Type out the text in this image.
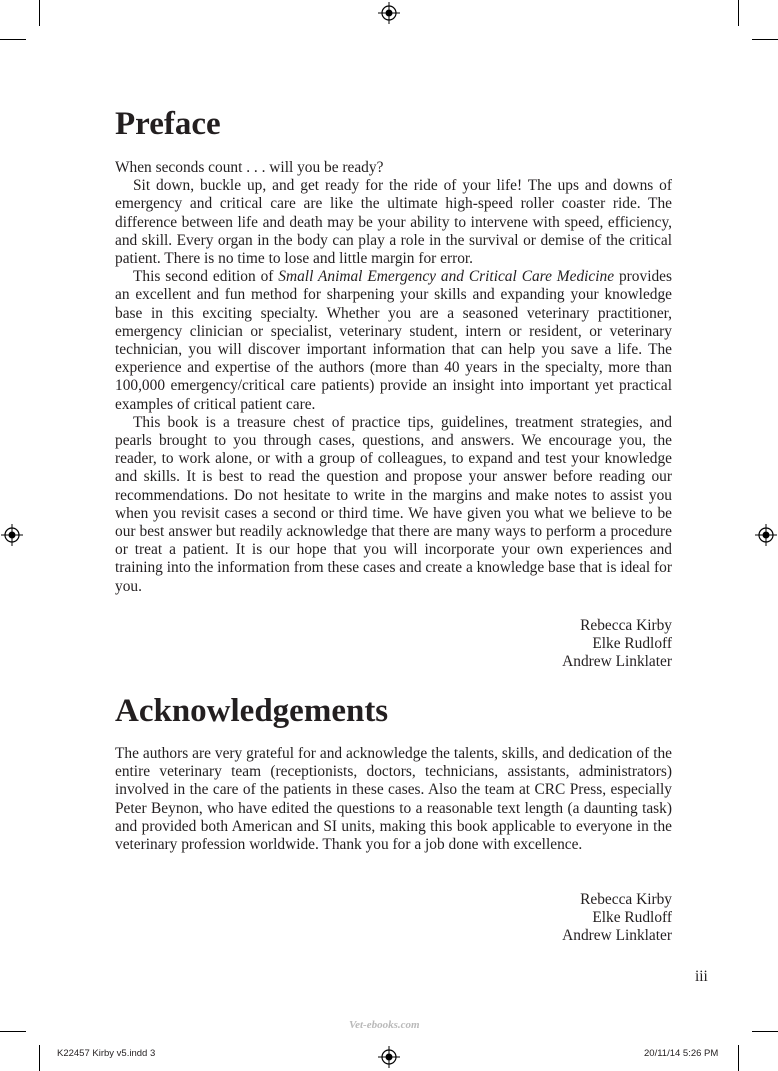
Preface

When seconds count . . . will you be ready?

Sit down, buckle up, and get ready for the ride of your life! The ups and downs of emergency and critical care are like the ultimate high-speed roller coaster ride. The difference between life and death may be your ability to intervene with speed, efficiency, and skill. Every organ in the body can play a role in the survival or demise of the critical patient. There is no time to lose and little margin for error.

This second edition of Small Animal Emergency and Critical Care Medicine provides an excellent and fun method for sharpening your skills and expanding your knowledge base in this exciting specialty. Whether you are a seasoned veterinary practitioner, emergency clinician or specialist, veterinary student, intern or resident, or veterinary technician, you will discover important information that can help you save a life. The experience and expertise of the authors (more than 40 years in the specialty, more than 100,000 emergency/critical care patients) provide an insight into important yet practical examples of critical patient care.

This book is a treasure chest of practice tips, guidelines, treatment strategies, and pearls brought to you through cases, questions, and answers. We encourage you, the reader, to work alone, or with a group of colleagues, to expand and test your knowledge and skills. It is best to read the question and propose your answer before reading our recommendations. Do not hesitate to write in the margins and make notes to assist you when you revisit cases a second or third time. We have given you what we believe to be our best answer but readily acknowledge that there are many ways to perform a procedure or treat a patient. It is our hope that you will incorporate your own experiences and training into the information from these cases and create a knowledge base that is ideal for you.

Rebecca Kirby
Elke Rudloff
Andrew Linklater
Acknowledgements

The authors are very grateful for and acknowledge the talents, skills, and dedication of the entire veterinary team (receptionists, doctors, technicians, assistants, administrators) involved in the care of the patients in these cases. Also the team at CRC Press, especially Peter Beynon, who have edited the questions to a reasonable text length (a daunting task) and provided both American and SI units, making this book applicable to everyone in the veterinary profession worldwide. Thank you for a job done with excellence.

Rebecca Kirby
Elke Rudloff
Andrew Linklater
iii
Vet-ebooks.com
K22457 Kirby v5.indd 3	20/11/14 5:26 PM
